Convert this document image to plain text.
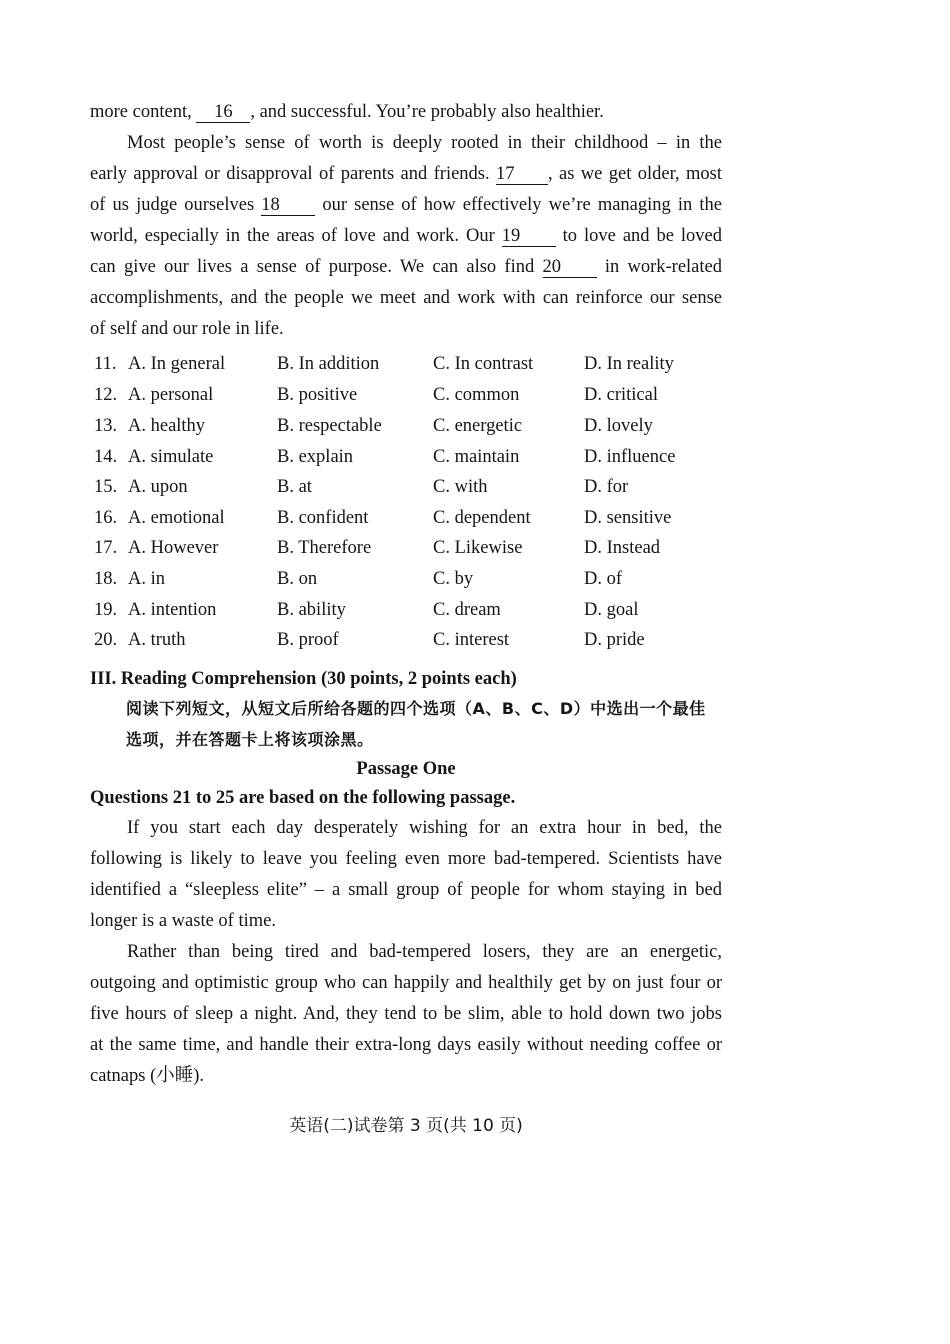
more content, 16 , and successful. You’re probably also healthier.
Most people’s sense of worth is deeply rooted in their childhood – in the
early approval or disapproval of parents and friends. 17 , as we get older, most
of us judge ourselves 18 our sense of how effectively we’re managing in the
world, especially in the areas of love and work. Our 19 to love and be loved
can give our lives a sense of purpose. We can also find 20 in work-related
accomplishments, and the people we meet and work with can reinforce our sense
of self and our role in life.
11. A. In general	B. In addition	C. In contrast	D. In reality
12. A. personal	B. positive	C. common	D. critical
13. A. healthy	B. respectable	C. energetic	D. lovely
14. A. simulate	B. explain	C. maintain	D. influence
15. A. upon	B. at	C. with	D. for
16. A. emotional	B. confident	C. dependent	D. sensitive
17. A. However	B. Therefore	C. Likewise	D. Instead
18. A. in	B. on	C. by	D. of
19. A. intention	B. ability	C. dream	D. goal
20. A. truth	B. proof	C. interest	D. pride
III. Reading Comprehension (30 points, 2 points each)
阅读下列短文，从短文后所给各题的四个选项（A、B、C、D）中选出一个最佳
选项，并在答题卡上将该项涂黑。
Passage One
Questions 21 to 25 are based on the following passage.
If you start each day desperately wishing for an extra hour in bed, the
following is likely to leave you feeling even more bad-tempered. Scientists have
identified a “sleepless elite” – a small group of people for whom staying in bed
longer is a waste of time.
Rather than being tired and bad-tempered losers, they are an energetic,
outgoing and optimistic group who can happily and healthily get by on just four or
five hours of sleep a night. And, they tend to be slim, able to hold down two jobs
at the same time, and handle their extra-long days easily without needing coffee or
catnaps (小睡).
英语(二)试卷第 3 页(共 10 页)
